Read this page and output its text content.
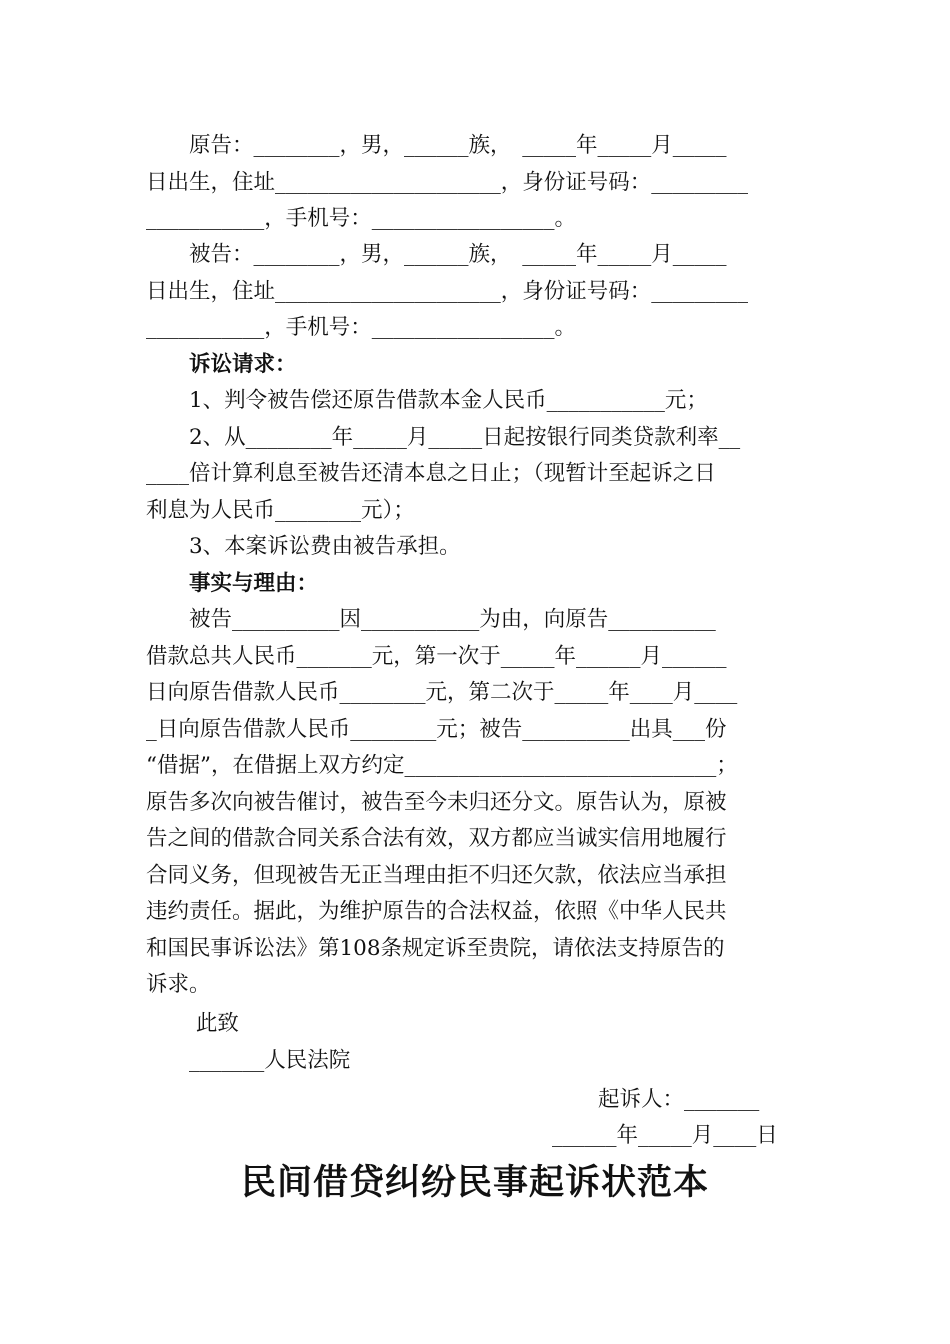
　　原告：________，男，______族，　_____年_____月_____
日出生，住址_____________________，身份证号码：_________
___________，手机号：_________________。
　　被告：________，男，______族，　_____年_____月_____
日出生，住址_____________________，身份证号码：_________
___________，手机号：_________________。
　　诉讼请求：
　　1、判令被告偿还原告借款本金人民币___________元；
　　2、从________年_____月_____日起按银行同类贷款利率__
____倍计算利息至被告还清本息之日止；（现暂计至起诉之日
利息为人民币________元）；
　　3、本案诉讼费由被告承担。
　　事实与理由：
　　被告__________因___________为由，向原告__________
借款总共人民币_______元，第一次于_____年______月______
日向原告借款人民币________元，第二次于_____年____月____
_日向原告借款人民币________元；被告__________出具___份
“借据”，在借据上双方约定_____________________________；
原告多次向被告催讨，被告至今未归还分文。原告认为，原被
告之间的借款合同关系合法有效，双方都应当诚实信用地履行
合同义务，但现被告无正当理由拒不归还欠款，依法应当承担
违约责任。据此，为维护原告的合法权益，依照《中华人民共
和国民事诉讼法》第108条规定诉至贵院，请依法支持原告的
诉求。
　　 此致
　　_______人民法院
起诉人：_______
______年_____月____日
民间借贷纠纷民事起诉状范本
